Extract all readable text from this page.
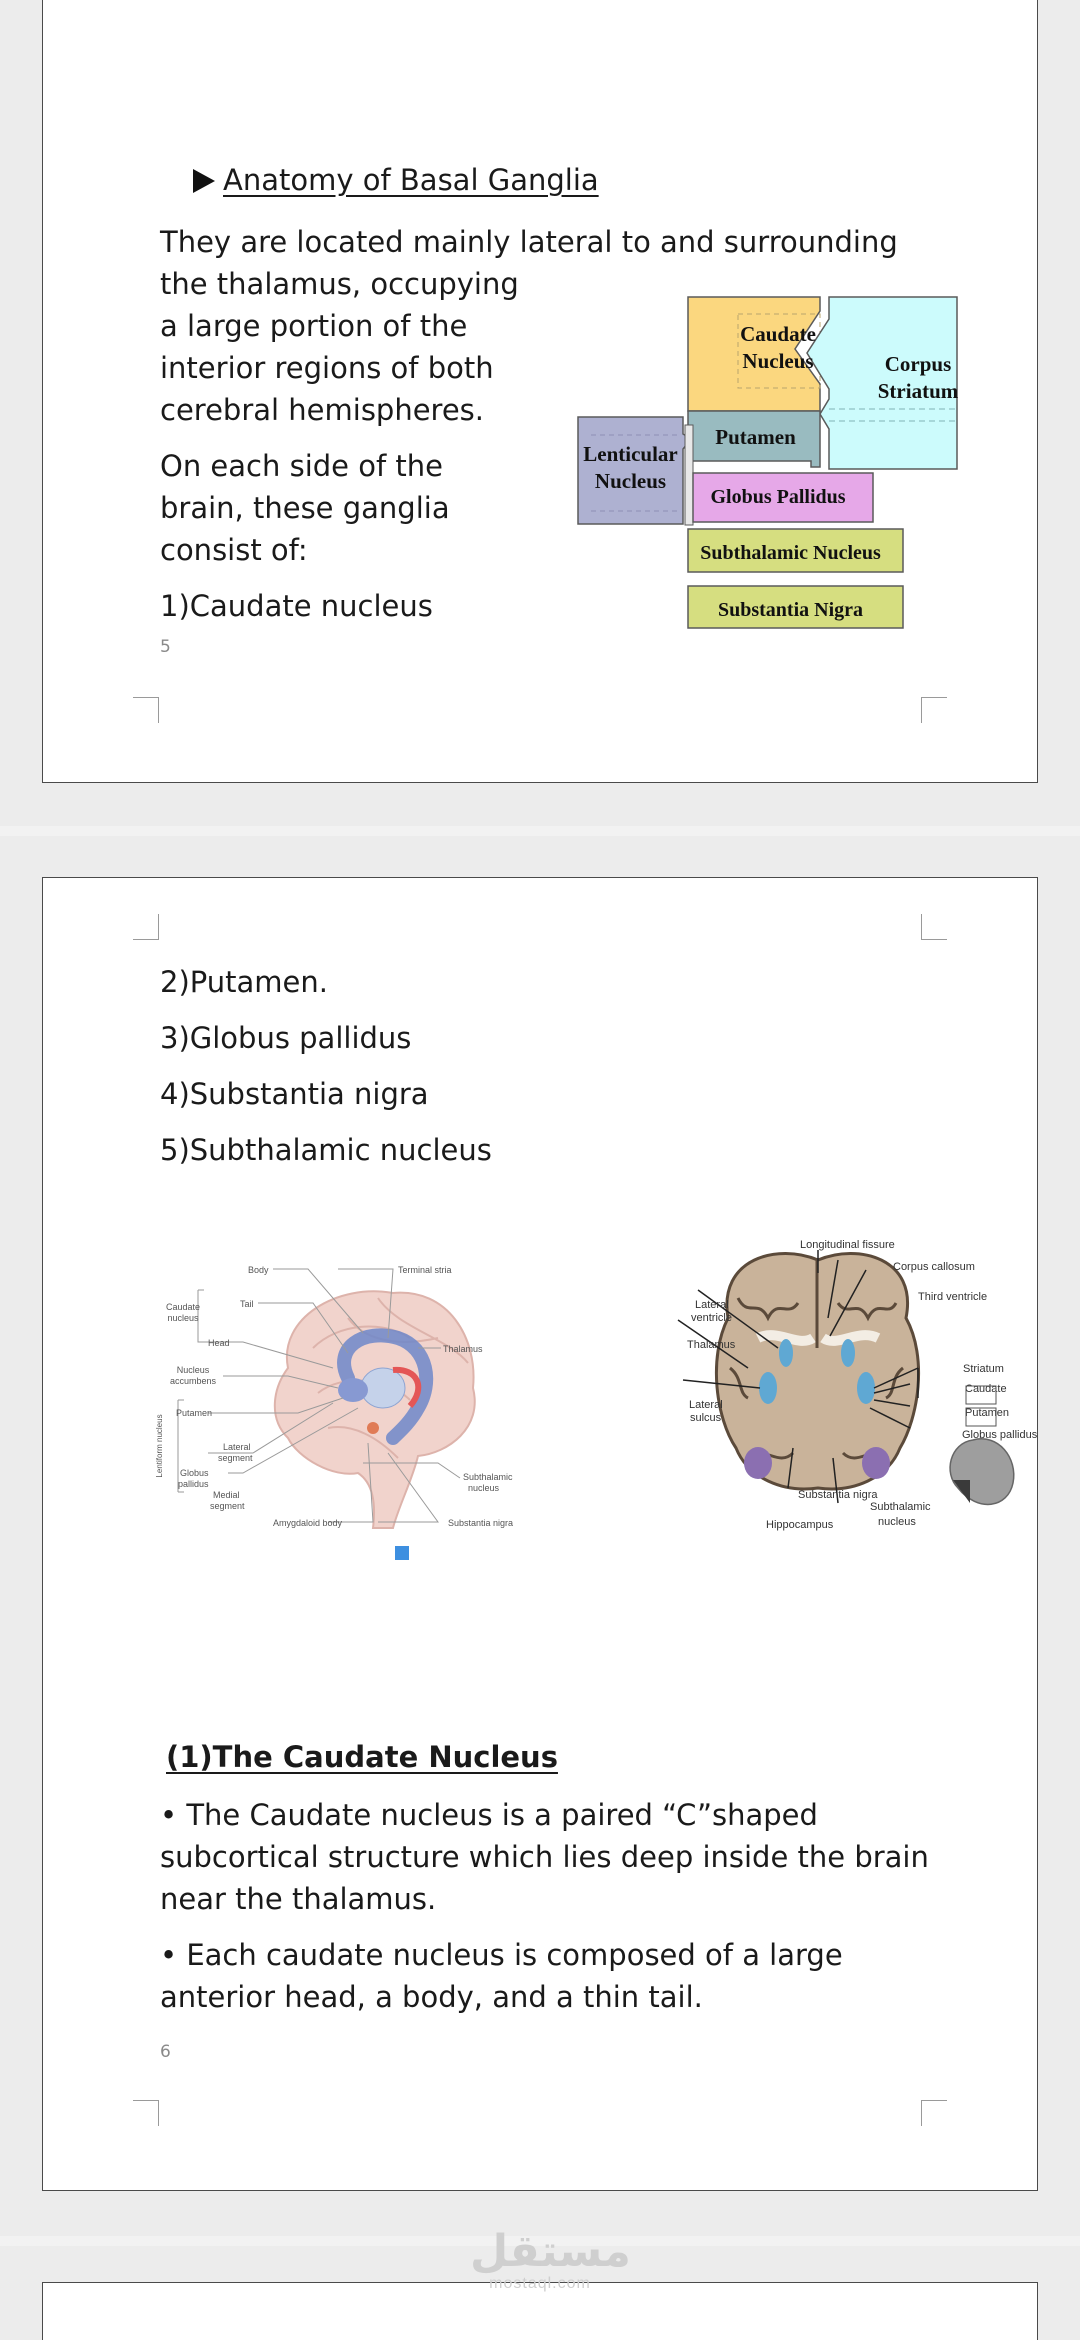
Anatomy of Basal Ganglia
They are located mainly lateral to and surrounding
the thalamus, occupying
a large portion of the
interior regions of both
cerebral hemispheres.
On each side of the
brain, these ganglia
consist of:
1)Caudate nucleus
5
Caudate
Nucleus	Corpus
Striatum
Putamen
Lenticular
Nucleus
Globus Pallidus
Subthalamic Nucleus
Substantia Nigra
2)Putamen.
3)Globus pallidus
4)Substantia nigra
5)Subthalamic nucleus
Body	Terminal stria
Caudate
nucleus
Tail
Head
Thalamus
Nucleus
accumbens
Putamen
Lentiform nucleus	Lateral
segment
Subthalamic
nucleus
Globus
pallidus
Medial
segment
Amygdaloid body	Substantia nigra
Longitudinal fissure
Corpus callosum
Third ventricle
Lateral
ventricle
Thalamus
Striatum
Caudate
Putamen
Globus pallidus
Lateral
sulcus
Substantia nigra
Subthalamic
nucleus
Hippocampus
(1)The Caudate Nucleus
• The Caudate nucleus is a paired “C”shaped
subcortical structure which lies deep inside the brain
near the thalamus.
• Each caudate nucleus is composed of a large
anterior head, a body, and a thin tail.
6
مستقل
mostaql.com
